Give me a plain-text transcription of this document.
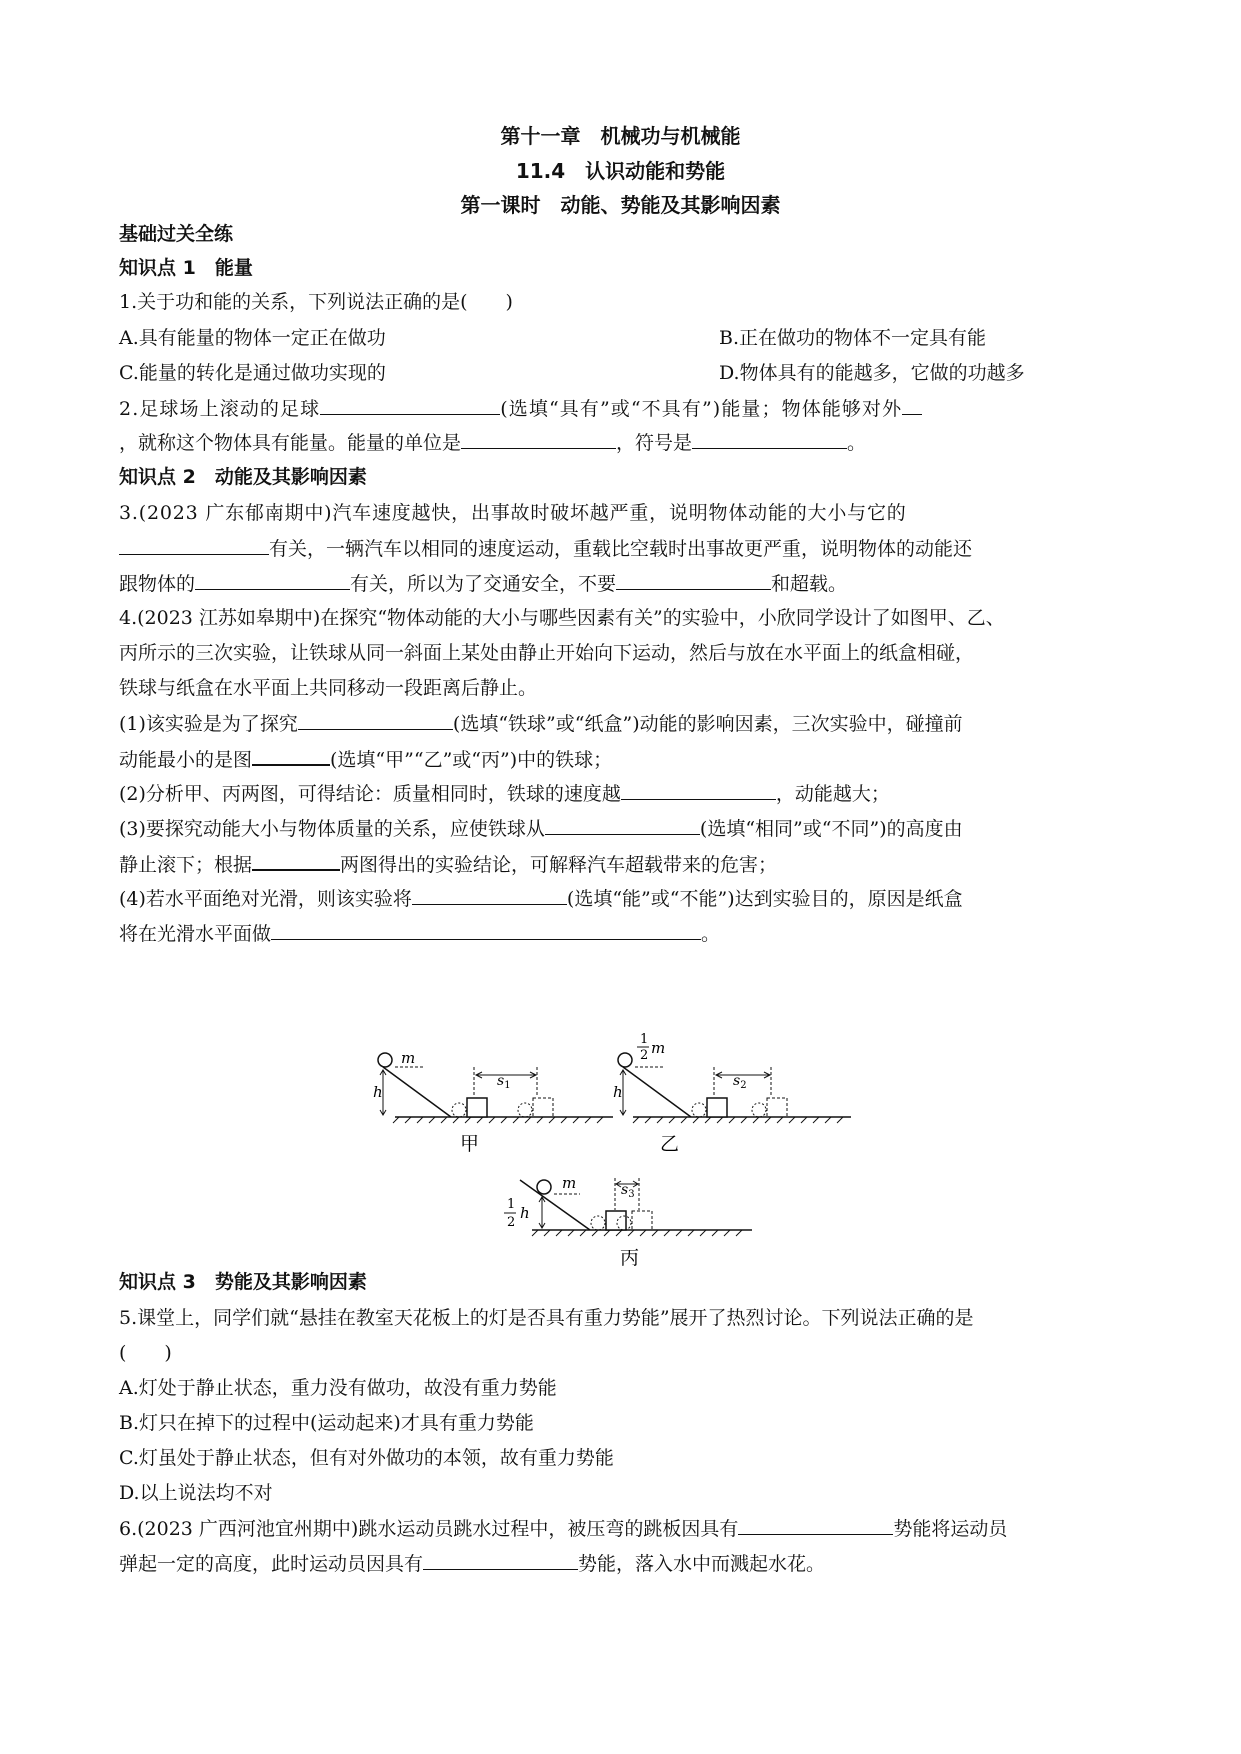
第十一章　机械功与机械能
11.4　认识动能和势能
第一课时　动能、势能及其影响因素
基础过关全练
知识点 1　能量
1.关于功和能的关系，下列说法正确的是(　　)
A.具有能量的物体一定正在做功	B.正在做功的物体不一定具有能
C.能量的转化是通过做功实现的	D.物体具有的能越多，它做的功越多
2.足球场上滚动的足球	(选填“具有”或“不具有”)能量；物体能够对外
，就称这个物体具有能量。能量的单位是	，符号是	。
知识点 2　动能及其影响因素
3.(2023 广东郁南期中)汽车速度越快，出事故时破坏越严重，说明物体动能的大小与它的
有关，一辆汽车以相同的速度运动，重载比空载时出事故更严重，说明物体的动能还
跟物体的	有关，所以为了交通安全，不要	和超载。
4.(2023 江苏如皋期中)在探究“物体动能的大小与哪些因素有关”的实验中，小欣同学设计了如图甲、乙、
丙所示的三次实验，让铁球从同一斜面上某处由静止开始向下运动，然后与放在水平面上的纸盒相碰，
铁球与纸盒在水平面上共同移动一段距离后静止。
(1)该实验是为了探究	(选填“铁球”或“纸盒”)动能的影响因素，三次实验中，碰撞前
动能最小的是图	(选填“甲”“乙”或“丙”)中的铁球；
(2)分析甲、丙两图，可得结论：质量相同时，铁球的速度越	，动能越大；
(3)要探究动能大小与物体质量的关系，应使铁球从	(选填“相同”或“不同”)的高度由
静止滚下；根据	两图得出的实验结论，可解释汽车超载带来的危害；
(4)若水平面绝对光滑，则该实验将	(选填“能”或“不能”)达到实验目的，原因是纸盒
将在光滑水平面做	。
m
h
$s_1$
甲
1
2 m
h
$s_2$
乙
m
1
2
h
$s_3$
丙
知识点 3　势能及其影响因素
5.课堂上，同学们就“悬挂在教室天花板上的灯是否具有重力势能”展开了热烈讨论。下列说法正确的是
(　　)
A.灯处于静止状态，重力没有做功，故没有重力势能
B.灯只在掉下的过程中(运动起来)才具有重力势能
C.灯虽处于静止状态，但有对外做功的本领，故有重力势能
D.以上说法均不对
6.(2023 广西河池宜州期中)跳水运动员跳水过程中，被压弯的跳板因具有	势能将运动员
弹起一定的高度，此时运动员因具有	势能，落入水中而溅起水花。
